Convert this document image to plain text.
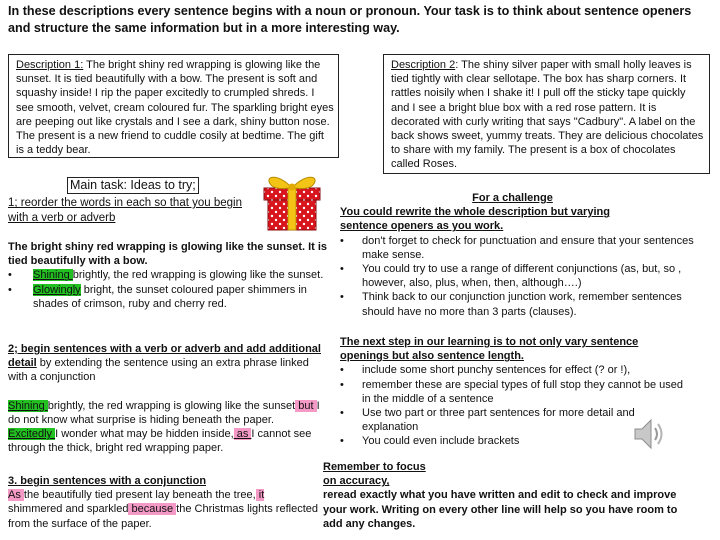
In these descriptions every sentence begins with a noun or pronoun. Your task is to think about sentence openers and structure the same information but in a more interesting way.
Description 1: The bright shiny red wrapping is glowing like the sunset. It is tied beautifully with a bow. The present is soft and squashy inside! I rip the paper excitedly to crumpled shreds. I see smooth, velvet, cream coloured fur. The sparkling bright eyes are peeping out like crystals and I see a dark, shiny button nose. The present is a new friend to cuddle cosily at bedtime. The gift is a teddy bear.
Description 2: The shiny silver paper with small holly leaves is tied tightly with clear sellotape. The box has sharp corners. It rattles noisily when I shake it! I pull off the sticky tape quickly and I see a bright blue box with a red rose pattern. It is decorated with curly writing that says "Cadbury". A label on the back shows sweet, yummy treats. They are delicious chocolates to share with my family. The present is a box of chocolates called Roses.
Main task: Ideas to try;
1; reorder the words in each so that you begin with a verb or adverb
The bright shiny red wrapping is glowing like the sunset. It is tied beautifully with a bow.
• Shining brightly, the red wrapping is glowing like the sunset.
• Glowingly bright, the sunset coloured paper shimmers in shades of crimson, ruby and cherry red.
2; begin sentences with a verb or adverb and add additional detail by extending the sentence using an extra phrase linked with a conjunction
Shining brightly, the red wrapping is glowing like the sunset but I do not know what surprise is hiding beneath the paper.
Excitedly I wonder what may be hidden inside, as I cannot see through the thick, bright red wrapping paper.
3. begin sentences with a conjunction
As the beautifully tied present lay beneath the tree, it shimmered and sparkled because the Christmas lights reflected from the surface of the paper.
For a challenge
You could rewrite the whole description but varying sentence openers as you work.
• don't forget to check for punctuation and ensure that your sentences make sense.
• You could try to use a range of different conjunctions (as, but, so , however, also, plus, when, then, although….)
• Think back to our conjunction junction work, remember sentences should have no more than 3 parts (clauses).
The next step in our learning is to not only vary sentence openings but also sentence length.
• include some short punchy sentences for effect (? or !),
• remember these are special types of full stop they cannot be used in the middle of a sentence
• Use two part or three part sentences for more detail and explanation
• You could even include brackets
Remember to focus on accuracy,
reread exactly what you have written and edit to check and improve your work. Writing on every other line will help so you have room to add any changes.
